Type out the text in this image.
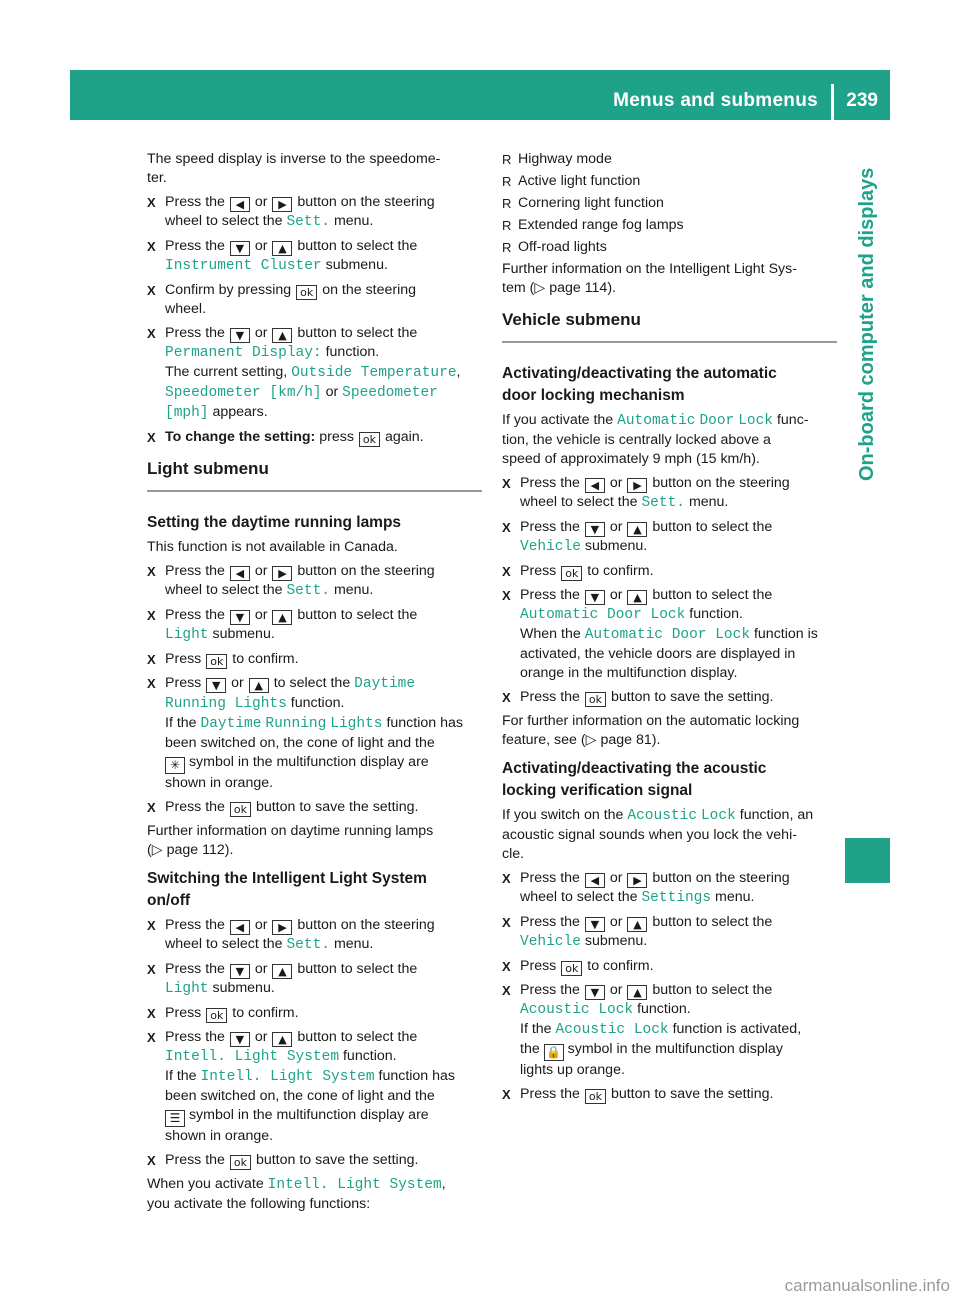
Menus and submenus 239
On-board computer and displays

The speed display is inverse to the speedome-
ter.

X Press the ◀ or ▶ button on the steering
wheel to select the Sett. menu.
X Press the ▼ or ▲ button to select the
Instrument Cluster submenu.
X Confirm by pressing ok on the steering
wheel.
X Press the ▼ or ▲ button to select the
Permanent Display: function.
The current setting, Outside Temperature,
Speedometer [km/h] or Speedometer
[mph] appears.
X To change the setting: press ok again.
Light submenu
Setting the daytime running lamps

This function is not available in Canada.

X Press the ◀ or ▶ button on the steering
wheel to select the Sett. menu.
X Press the ▼ or ▲ button to select the
Light submenu.
X Press ok to confirm.
X Press ▼ or ▲ to select the Daytime
Running Lights function.
If the Daytime Running Lights function has
been switched on, the cone of light and the
✳ symbol in the multifunction display are
shown in orange.
X Press the ok button to save the setting.

Further information on daytime running lamps
(▷ page 112).

Switching the Intelligent Light System
on/off
X Press the ◀ or ▶ button on the steering
wheel to select the Sett. menu.
X Press the ▼ or ▲ button to select the
Light submenu.
X Press ok to confirm.
X Press the ▼ or ▲ button to select the
Intell. Light System function.
If the Intell. Light System function has
been switched on, the cone of light and the
☰ symbol in the multifunction display are
shown in orange.
X Press the ok button to save the setting.

When you activate Intell. Light System,
you activate the following functions:

R Highway mode
R Active light function
R Cornering light function
R Extended range fog lamps
R Off-road lights

Further information on the Intelligent Light Sys-
tem (▷ page 114).

Vehicle submenu
Activating/deactivating the automatic
door locking mechanism

If you activate the Automatic Door Lock func-
tion, the vehicle is centrally locked above a
speed of approximately 9 mph (15 km/h).

X Press the ◀ or ▶ button on the steering
wheel to select the Sett. menu.
X Press the ▼ or ▲ button to select the
Vehicle submenu.
X Press ok to confirm.
X Press the ▼ or ▲ button to select the
Automatic Door Lock function.
When the Automatic Door Lock function is
activated, the vehicle doors are displayed in
orange in the multifunction display.
X Press the ok button to save the setting.

For further information on the automatic locking
feature, see (▷ page 81).

Activating/deactivating the acoustic
locking verification signal

If you switch on the Acoustic Lock function, an
acoustic signal sounds when you lock the vehi-
cle.

X Press the ◀ or ▶ button on the steering
wheel to select the Settings menu.
X Press the ▼ or ▲ button to select the
Vehicle submenu.
X Press ok to confirm.
X Press the ▼ or ▲ button to select the
Acoustic Lock function.
If the Acoustic Lock function is activated,
the 🔒 symbol in the multifunction display
lights up orange.
X Press the ok button to save the setting.
carmanualsonline.info
